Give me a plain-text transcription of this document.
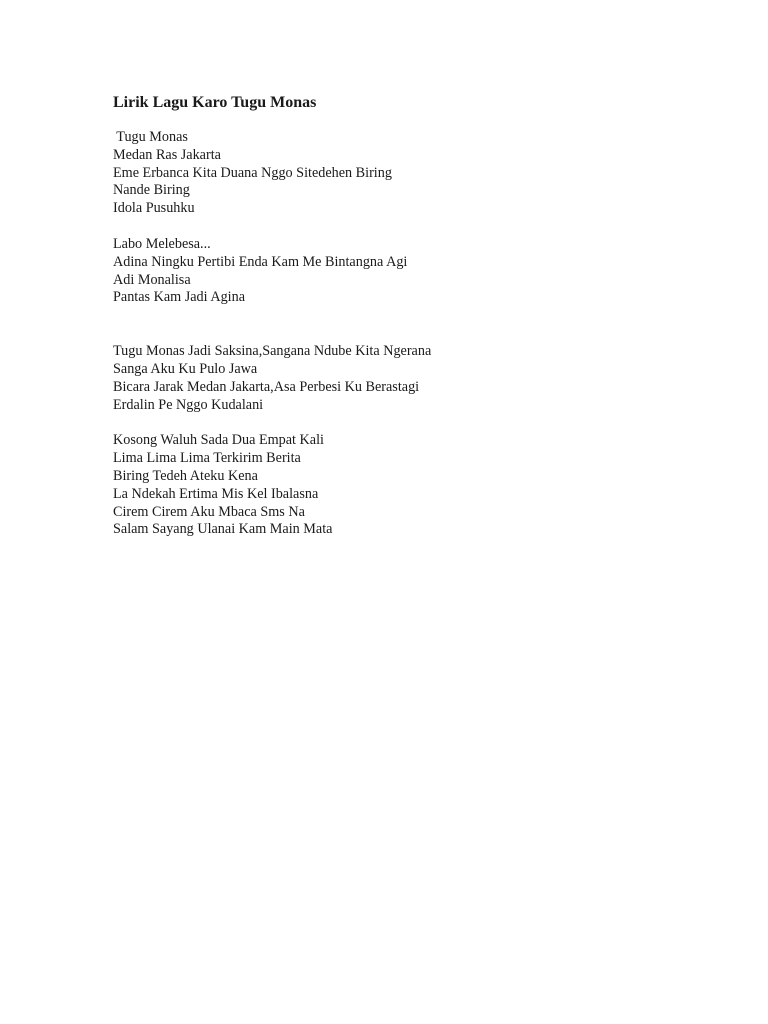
Lirik Lagu Karo Tugu Monas
Tugu Monas
Medan Ras Jakarta
Eme Erbanca Kita Duana Nggo Sitedehen Biring
Nande Biring
Idola Pusuhku
Labo Melebesa...
Adina Ningku Pertibi Enda Kam Me Bintangna Agi
Adi Monalisa
Pantas Kam Jadi Agina
Tugu Monas Jadi Saksina,Sangana Ndube Kita Ngerana
Sanga Aku Ku Pulo Jawa
Bicara Jarak Medan Jakarta,Asa Perbesi Ku Berastagi
Erdalin Pe Nggo Kudalani
Kosong Waluh Sada Dua Empat Kali
Lima Lima Lima Terkirim Berita
Biring Tedeh Ateku Kena
La Ndekah Ertima Mis Kel Ibalasna
Cirem Cirem Aku Mbaca Sms Na
Salam Sayang Ulanai Kam Main Mata
